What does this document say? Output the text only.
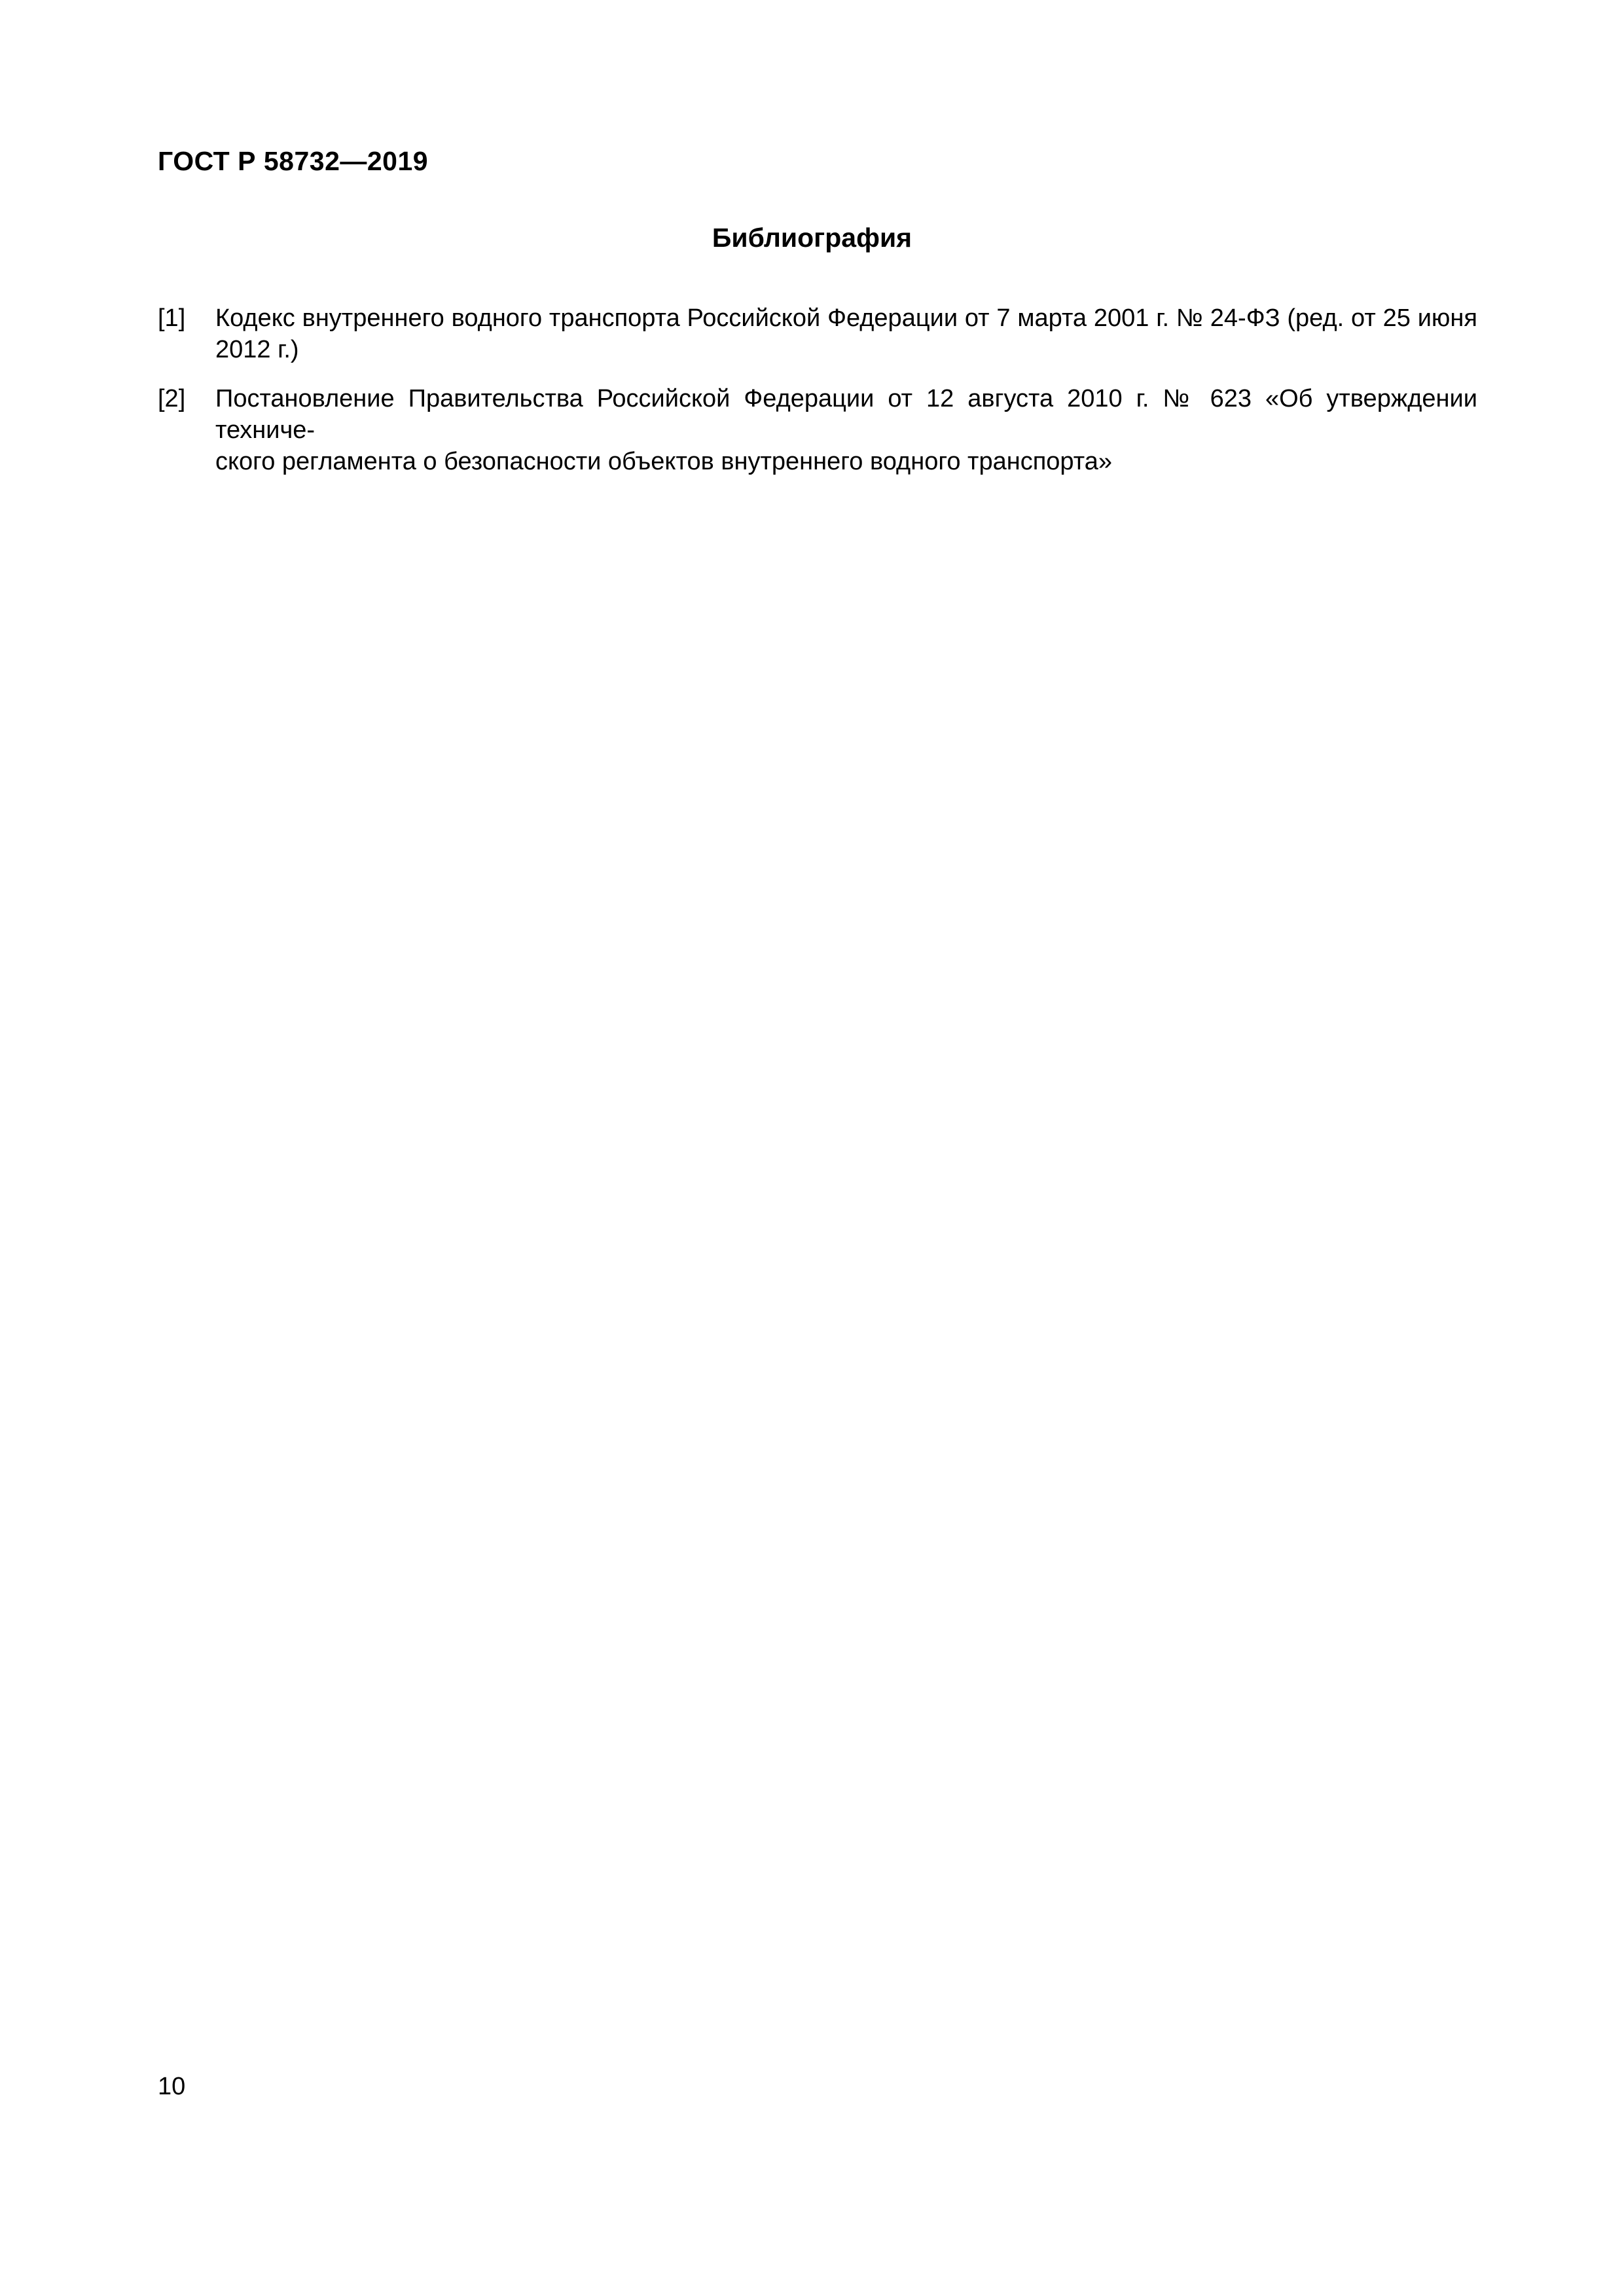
ГОСТ Р 58732—2019
Библиография
[1] Кодекс внутреннего водного транспорта Российской Федерации от 7 марта 2001 г. № 24-ФЗ (ред. от 25 июня
2012 г.)
[2] Постановление Правительства Российской Федерации от 12 августа 2010 г. № 623 «Об утверждении техниче-
ского регламента о безопасности объектов внутреннего водного транспорта»
10
